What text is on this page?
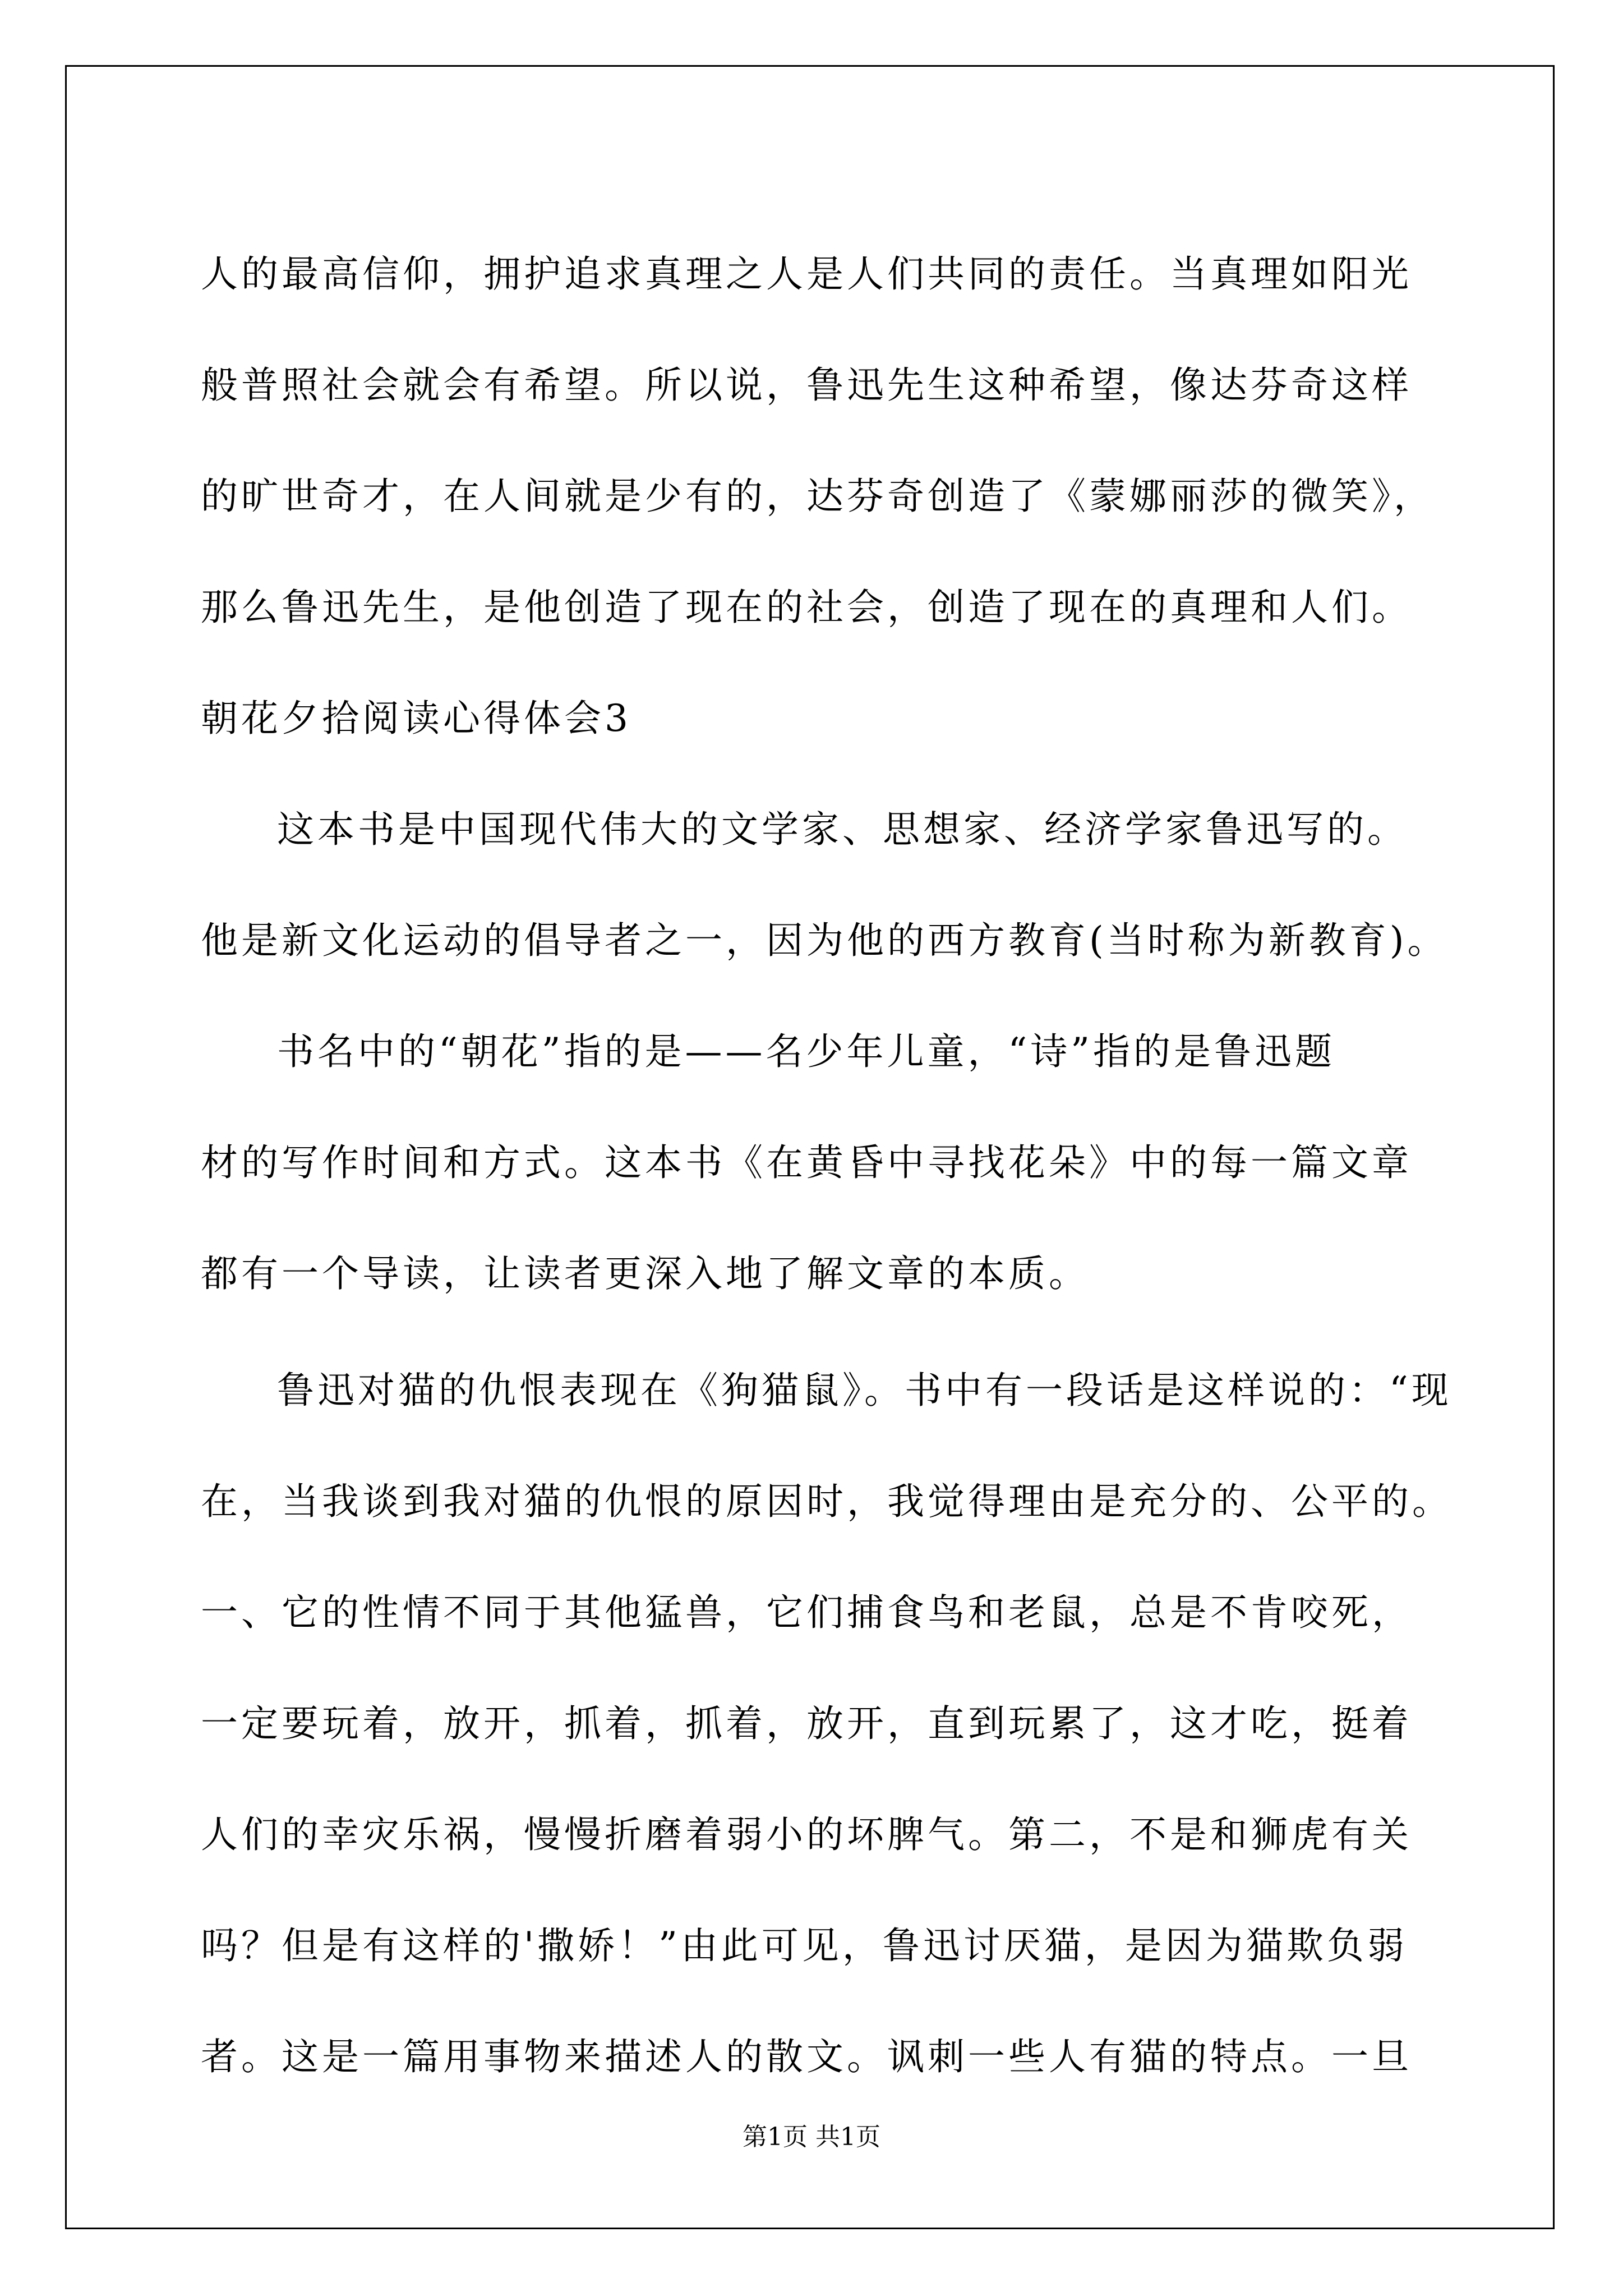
人的最高信仰，拥护追求真理之人是人们共同的责任。当真理如阳光
般普照社会就会有希望。所以说，鲁迅先生这种希望，像达芬奇这样
的旷世奇才，在人间就是少有的，达芬奇创造了《蒙娜丽莎的微笑》，
那么鲁迅先生，是他创造了现在的社会，创造了现在的真理和人们。
朝花夕拾阅读心得体会3
这本书是中国现代伟大的文学家、思想家、经济学家鲁迅写的。
他是新文化运动的倡导者之一，因为他的西方教育(当时称为新教育)。
书名中的“朝花”指的是——名少年儿童，“诗”指的是鲁迅题
材的写作时间和方式。这本书《在黄昏中寻找花朵》中的每一篇文章
都有一个导读，让读者更深入地了解文章的本质。
鲁迅对猫的仇恨表现在《狗猫鼠》。书中有一段话是这样说的：“现
在，当我谈到我对猫的仇恨的原因时，我觉得理由是充分的、公平的。
一、它的性情不同于其他猛兽，它们捕食鸟和老鼠，总是不肯咬死，
一定要玩着，放开，抓着，抓着，放开，直到玩累了，这才吃，挺着
人们的幸灾乐祸，慢慢折磨着弱小的坏脾气。第二，不是和狮虎有关
吗？但是有这样的'撒娇！”由此可见，鲁迅讨厌猫，是因为猫欺负弱
者。这是一篇用事物来描述人的散文。讽刺一些人有猫的特点。一旦
第1页 共1页
